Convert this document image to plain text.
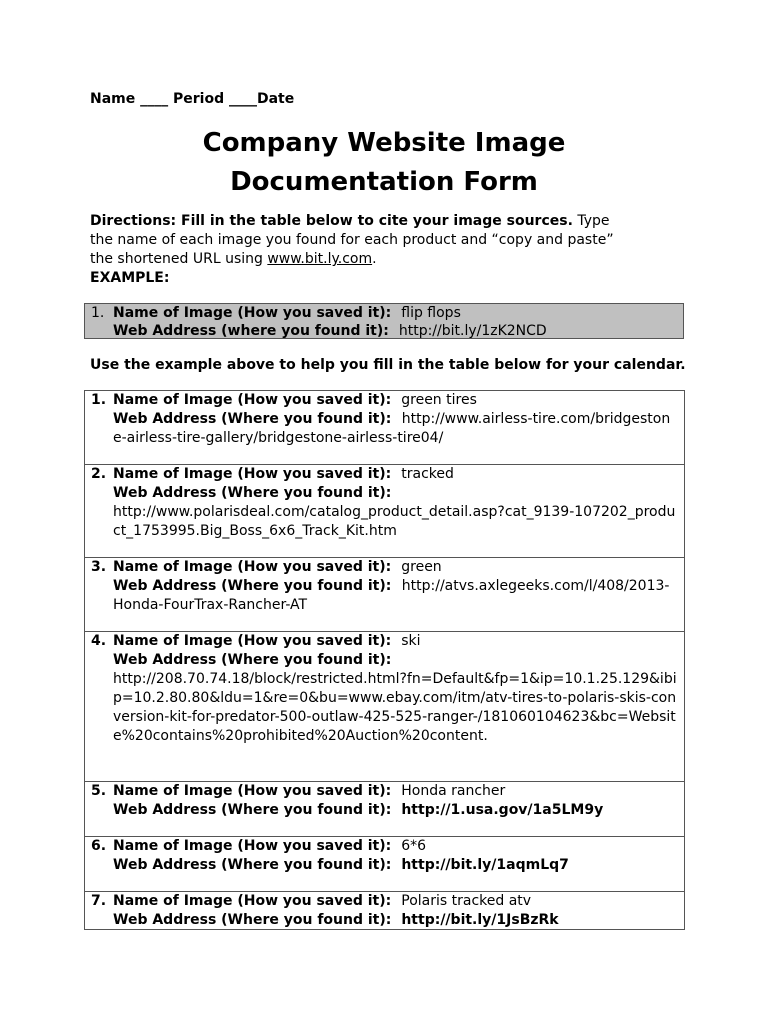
Name ____ Period ____Date
Company Website Image
Documentation Form
Directions: Fill in the table below to cite your image sources. Type the name of each image you found for each product and “copy and paste” the shortened URL using www.bit.ly.com.
EXAMPLE:
1. Name of Image (How you saved it): flip flops
Web Address (where you found it): http://bit.ly/1zK2NCD
Use the example above to help you fill in the table below for your calendar.
1. Name of Image (How you saved it): green tires
Web Address (Where you found it): http://www.airless-tire.com/bridgestone-airless-tire-gallery/bridgestone-airless-tire04/
2. Name of Image (How you saved it): tracked
Web Address (Where you found it):
http://www.polarisdeal.com/catalog_product_detail.asp?cat_9139-107202_product_1753995.Big_Boss_6x6_Track_Kit.htm
3. Name of Image (How you saved it): green
Web Address (Where you found it): http://atvs.axlegeeks.com/l/408/2013-Honda-FourTrax-Rancher-AT
4. Name of Image (How you saved it): ski
Web Address (Where you found it):
http://208.70.74.18/block/restricted.html?fn=Default&fp=1&ip=10.1.25.129&ibip=10.2.80.80&ldu=1&re=0&bu=www.ebay.com/itm/atv-tires-to-polaris-skis-conversion-kit-for-predator-500-outlaw-425-525-ranger-/181060104623&bc=Website%20contains%20prohibited%20Auction%20content.
5. Name of Image (How you saved it): Honda rancher
Web Address (Where you found it): http://1.usa.gov/1a5LM9y
6. Name of Image (How you saved it): 6*6
Web Address (Where you found it): http://bit.ly/1aqmLq7
7. Name of Image (How you saved it): Polaris tracked atv
Web Address (Where you found it): http://bit.ly/1JsBzRk
